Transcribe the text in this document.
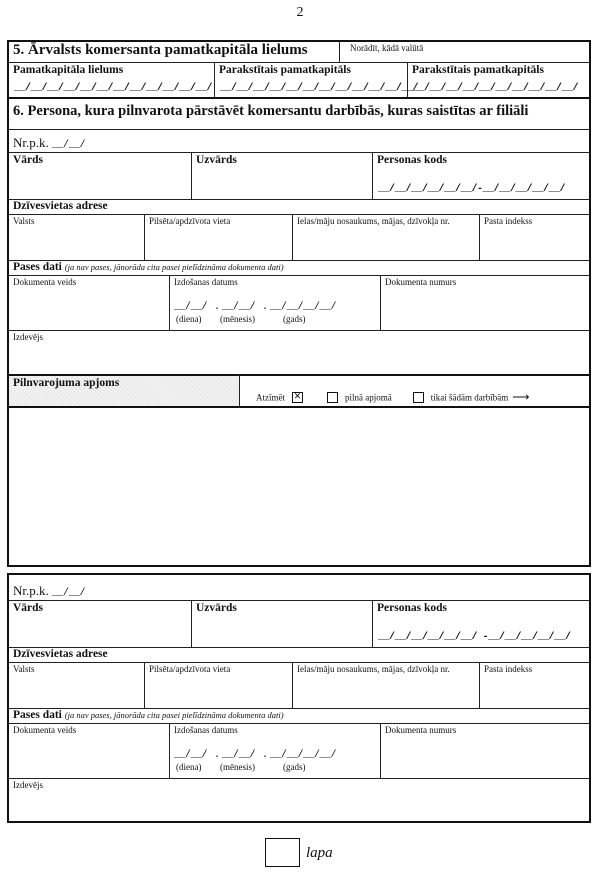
2
5. Ārvalsts komersanta pamatkapitāla lielums	Norādīt, kādā valūtā
Pamatkapitāla lielums
__/__/__/__/__/__/__/__/__/__/__/__/
Parakstītais pamatkapitāls
__/__/__/__/__/__/__/__/__/__/__/__/
Parakstītais pamatkapitāls
__/__/__/__/__/__/__/__/__/__/
6. Persona, kura pilnvarota pārstāvēt komersantu darbībās, kuras saistītas ar filiāli
Nr.p.k. __/__/
Vārds	Uzvārds	Personas kods
__/__/__/__/__/__/-__/__/__/__/__/
Dzīvesvietas adrese
Valsts	Pilsēta/apdzīvota vieta	Ielas/māju nosaukums, mājas, dzīvokļa nr.	Pasta indekss
Pases dati (ja nav pases, jānorāda cita pasei pielīdzināma dokumenta dati)
Dokumenta veids	Izdošanas datums
__/__/ . __/__/ . __/__/__/__/
(diena) (mēnesis)	(gads)
Dokumenta numurs
Izdevējs
Pilnvarojuma apjoms
Atzīmēt ✕	pilnā apjomā	tikai šādām darbībām ⟶
Nr.p.k. __/__/
Vārds	Uzvārds	Personas kods
__/__/__/__/__/__/ -__/__/__/__/__/
Dzīvesvietas adrese
Valsts	Pilsēta/apdzīvota vieta	Ielas/māju nosaukums, mājas, dzīvokļa nr.	Pasta indekss
Pases dati (ja nav pases, jānorāda cita pasei pielīdzināma dokumenta dati)
Dokumenta veids	Izdošanas datums
__/__/ . __/__/ . __/__/__/__/
(diena) (mēnesis)	(gads)
Dokumenta numurs
Izdevējs
lapa
